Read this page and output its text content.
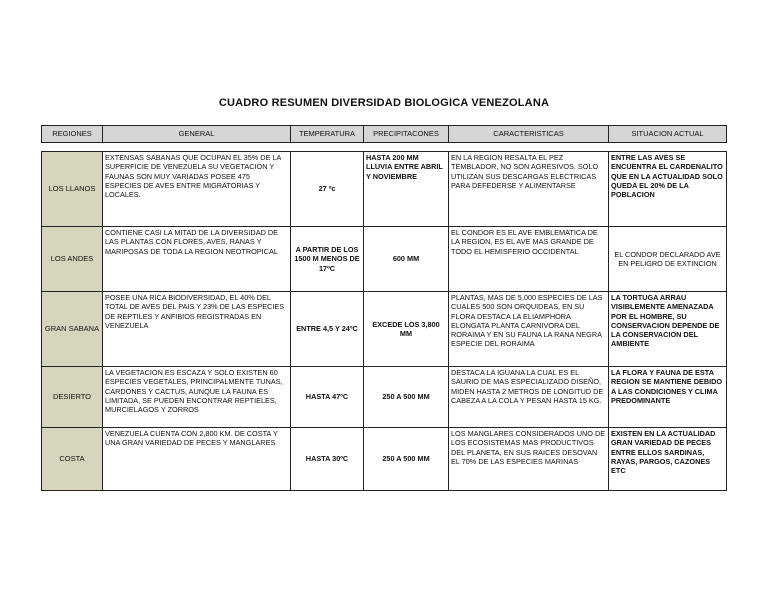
CUADRO RESUMEN DIVERSIDAD BIOLOGICA VENEZOLANA
REGIONES	GENERAL	TEMPERATURA	PRECIPITACONES	CARACTERISTICAS	SITUACION ACTUAL
LOS LLANOS	EXTENSAS SABANAS QUE OCUPAN EL 35% DE LA SUPERFICIE DE VENEZUELA SU VEGETACION Y FAUNAS SON MUY VARIADAS POSEE 475 ESPECIES DE AVES ENTRE MIGRATORIAS Y LOCALES.	27 ºc	HASTA 200 MM LLUVIA ENTRE ABRIL Y NOVIEMBRE	EN LA REGION RESALTA EL PEZ TEMBLADOR, NO SON AGRESIVOS. SOLO UTILIZAN SUS DESCARGAS ELECTRICAS PARA DEFEDERSE Y ALIMENTARSE	ENTRE LAS AVES SE ENCUENTRA EL CARDENALITO QUE EN LA ACTUALIDAD SOLO QUEDA EL 20% DE LA POBLACION
LOS ANDES	CONTIENE CASI LA MITAD DE LA DIVERSIDAD DE LAS PLANTAS CON FLORES, AVES, RANAS Y MARIPOSAS DE TODA LA REGION NEOTROPICAL	A PARTIR DE LOS 1500 M MENOS DE 17ºC	600 MM	EL CONDOR ES EL AVE EMBLEMATICA DE LA REGION, ES EL AVE MAS GRANDE DE TODO EL HEMISFERIO OCCIDENTAL	EL CONDOR DECLARADO AVE EN PELIGRO DE EXTINCION
GRAN SABANA	POSEE UNA RICA BIODIVERSIDAD, EL 40% DEL TOTAL DE AVES DEL PAIS Y 23% DE LAS ESPECIES DE REPTILES Y ANFIBIOS REGISTRADAS EN VENEZUELA	ENTRE 4,5 Y 24ºC	EXCEDE LOS 3,800 MM	PLANTAS, MAS DE 5,000 ESPECIES DE LAS CUALES 500 SON ORQUIDEAS, EN SU FLORA DESTACA LA ELIAMPHORA ELONGATA PLANTA CARNIVORA DEL RORAIMA Y EN SU FAUNA LA RANA NEGRA ESPECIE DEL RORAIMA	LA TORTUGA ARRAU VISIBLEMENTE AMENAZADA POR EL HOMBRE, SU CONSERVACION DEPENDE DE LA CONSERVACION DEL AMBIENTE
DESIERTO	LA VEGETACION ES ESCAZA Y SOLO EXISTEN 60 ESPECIES VEGETALES, PRINCIPALMENTE TUNAS, CARDONES Y CACTUS, AUNQUE LA FAUNA ES LIMITADA, SE PUEDEN ENCONTRAR REPTIELES, MURCIELAGOS Y ZORROS	HASTA 47ºC	250 A 500 MM	DESTACA LA IGUANA LA CUAL ES EL SAURIO DE MAS ESPECIALIZADO DISEÑO, MIDEN HASTA 2 METROS DE LONGITUD DE CABEZA A LA COLA Y PESAN HASTA 15 KG.	LA FLORA Y FAUNA DE ESTA REGION SE MANTIENE DEBIDO A LAS CONDICIONES Y CLIMA PREDOMINANTE
COSTA	VENEZUELA CUENTA CON 2,800 KM. DE COSTA Y UNA GRAN VARIEDAD DE PECES Y MANGLARES	HASTA 30ºC	250 A 500 MM	LOS MANGLARES CONSIDERADOS UNO DE LOS ECOSISTEMAS MAS PRODUCTIVOS DEL PLANETA, EN SUS RAICES DESOVAN EL 70% DE LAS ESPECIES MARINAS	EXISTEN EN LA ACTUALIDAD GRAN VARIEDAD DE PECES ENTRE ELLOS SARDINAS, RAYAS, PARGOS, CAZONES ETC
